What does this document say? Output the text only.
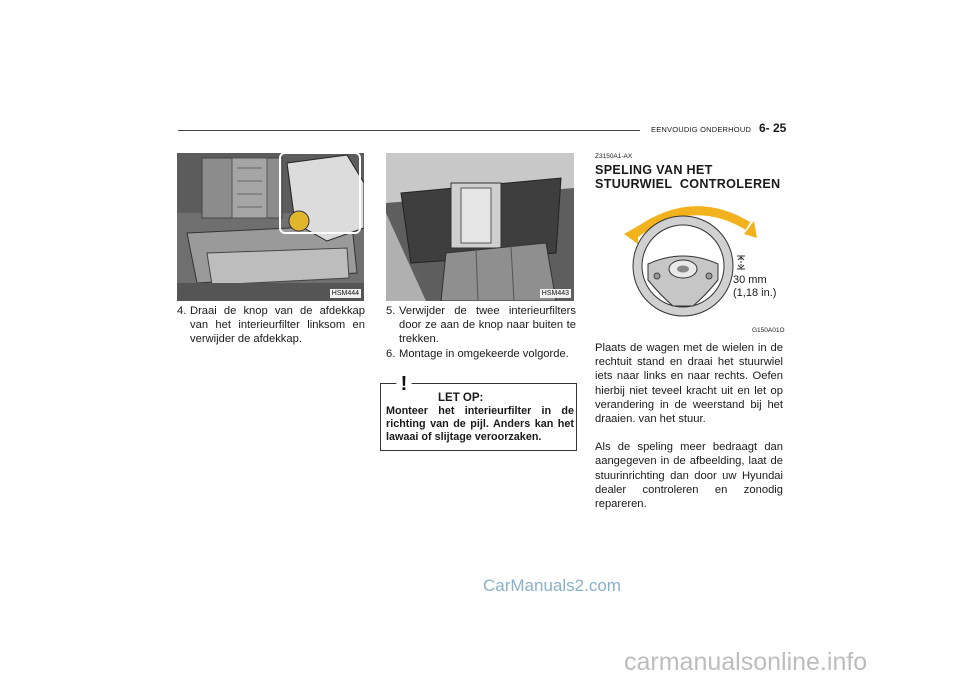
EENVOUDIG ONDERHOUD 6- 25
HSM444
4. Draai de knop van de afdekkap van het interieurfilter linksom en verwijder de afdekkap.
HSM443
5. Verwijder de twee interieurfilters door ze aan de knop naar buiten te trekken.
6. Montage in omgekeerde volgorde.
LET OP:
Monteer het interieurfilter in de richting van de pijl. Anders kan het lawaai of slijtage veroorzaken.
!
Z3150A1-AX
SPELING VAN HET
STUURWIEL CONTROLEREN
30 mm
(1,18 in.)
G150A01O

Plaats de wagen met de wielen in de rechtuit stand en draai het stuurwiel iets naar links en naar rechts. Oefen hierbij niet teveel kracht uit en let op verandering in de weerstand bij het draaien. van het stuur.

Als de speling meer bedraagt dan aangegeven in de afbeelding, laat de stuurinrichting dan door uw Hyundai dealer controleren en zonodig repareren.

CarManuals2.com
carmanualsonline.info
